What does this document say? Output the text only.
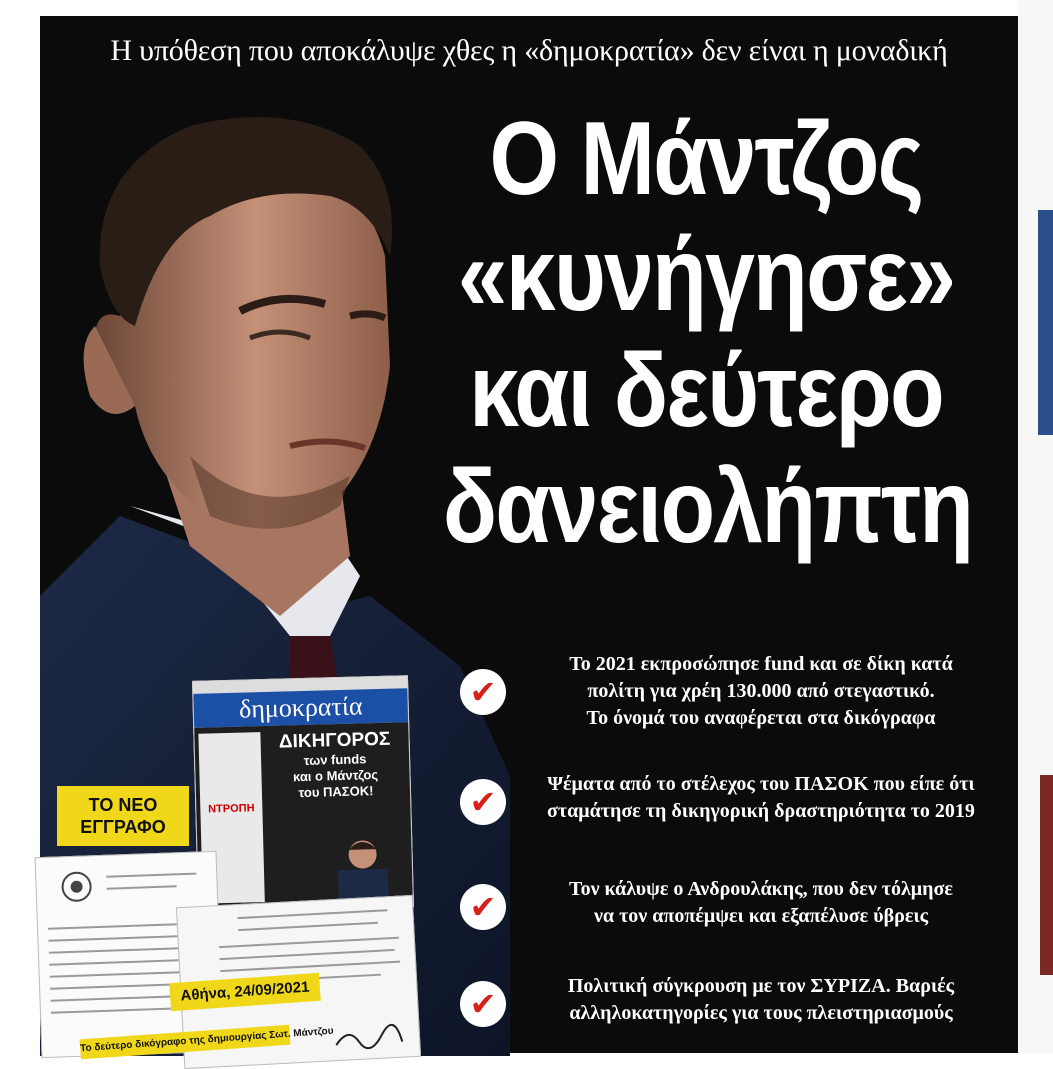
Η υπόθεση που αποκάλυψε χθες η «δημοκρατία» δεν είναι η μοναδική
Ο Μάντζος
«κυνήγησε»
και δεύτερο
δανειολήπτη
✔
Το 2021 εκπροσώπησε fund και σε δίκη κατά
πολίτη για χρέη 130.000 από στεγαστικό.
Το όνομά του αναφέρεται στα δικόγραφα
✔	Ψέματα από το στέλεχος του ΠΑΣΟΚ που είπε ότι
σταμάτησε τη δικηγορική δραστηριότητα το 2019
✔	Τον κάλυψε ο Ανδρουλάκης, που δεν τόλμησε
να τον αποπέμψει και εξαπέλυσε ύβρεις
✔	Πολιτική σύγκρουση με τον ΣΥΡΙΖΑ. Βαριές
αλληλοκατηγορίες για τους πλειστηριασμούς
δημοκρατία
ΝΤΡΟΠΗ
ΔΙΚΗΓΟΡΟΣ
των funds
και ο Μάντζος
του ΠΑΣΟΚ!
Αθήνα, 24/09/2021
Το δεύτερο δικόγραφο της δημιουργίας Σωτ. Μάντζου
ΤΟ ΝΕΟ
ΕΓΓΡΑΦΟ
